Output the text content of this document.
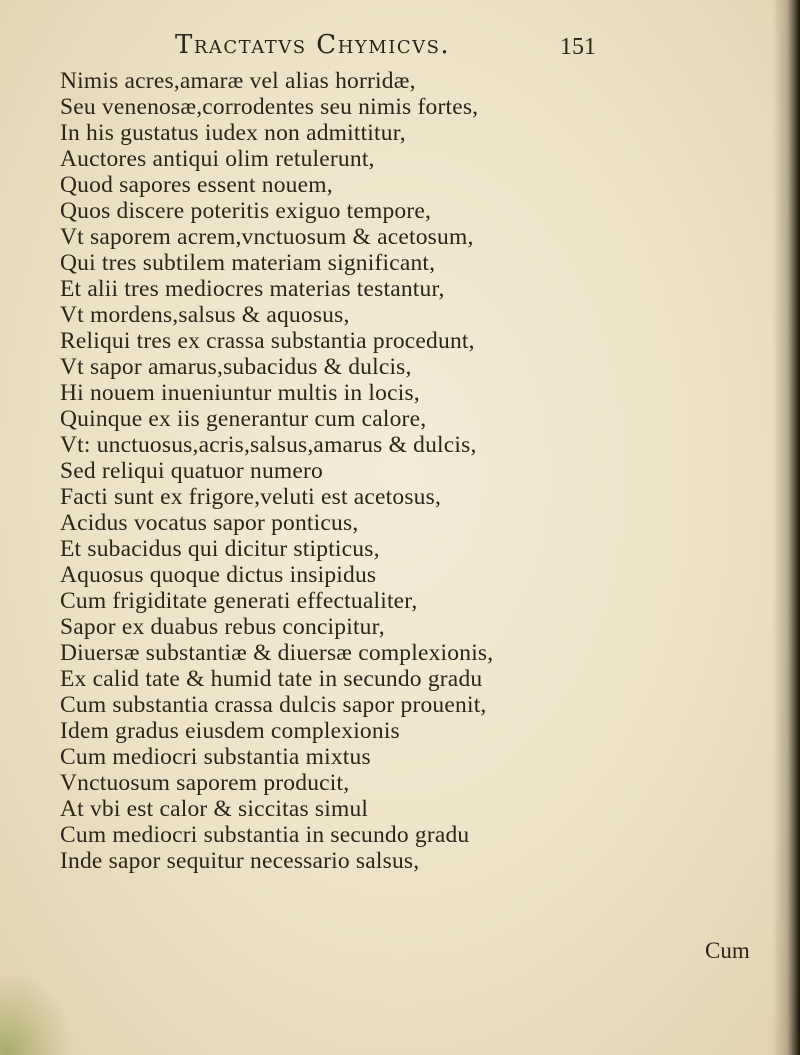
Tractatvs Chymicvs.	151
Nimis acres,amaræ vel alias horridæ,
Seu venenosæ,corrodentes seu nimis fortes,
In his gustatus iudex non admittitur,
Auctores antiqui olim retulerunt,
Quod sapores essent nouem,
Quos discere poteritis exiguo tempore,
Vt saporem acrem,vnctuosum & acetosum,
Qui tres subtilem materiam significant,
Et alii tres mediocres materias testantur,
Vt mordens,salsus & aquosus,
Reliqui tres ex crassa substantia procedunt,
Vt sapor amarus,subacidus & dulcis,
Hi nouem inueniuntur multis in locis,
Quinque ex iis generantur cum calore,
Vt: unctuosus,acris,salsus,amarus & dulcis,
Sed reliqui quatuor numero
Facti sunt ex frigore,veluti est acetosus,
Acidus vocatus sapor ponticus,
Et subacidus qui dicitur stipticus,
Aquosus quoque dictus insipidus
Cum frigiditate generati effectualiter,
Sapor ex duabus rebus concipitur,
Diuersæ substantiæ & diuersæ complexionis,
Ex calid tate & humid tate in secundo gradu
Cum substantia crassa dulcis sapor prouenit,
Idem gradus eiusdem complexionis
Cum mediocri substantia mixtus
Vnctuosum saporem producit,
At vbi est calor & siccitas simul
Cum mediocri substantia in secundo gradu
Inde sapor sequitur necessario salsus,
Cum
